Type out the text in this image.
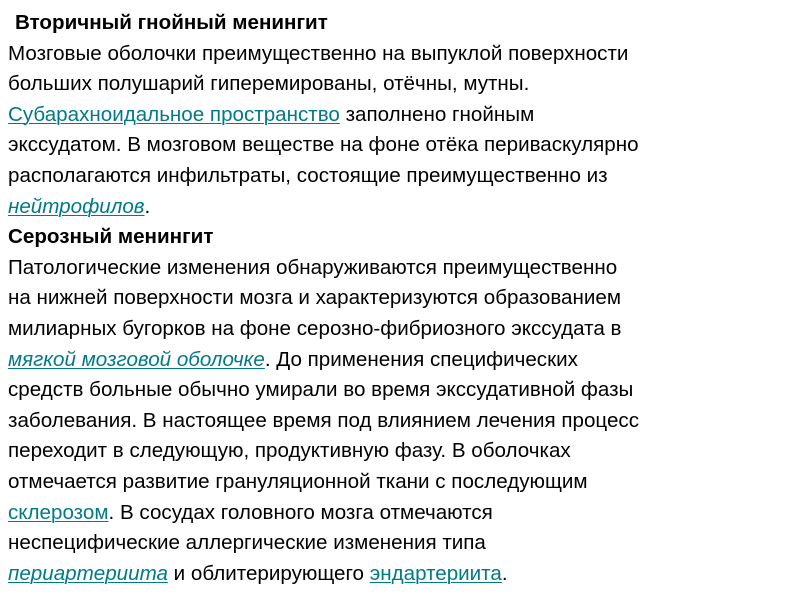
Вторичный гнойный менингит
Мозговые оболочки преимущественно на выпуклой поверхности
больших полушарий гиперемированы, отёчны, мутны.
Субарахноидальное пространство заполнено гнойным
экссудатом. В мозговом веществе на фоне отёка периваскулярно
располагаются инфильтраты, состоящие преимущественно из
нейтрофилов.
Серозный менингит
Патологические изменения обнаруживаются преимущественно
на нижней поверхности мозга и характеризуются образованием
милиарных бугорков на фоне серозно-фибриозного экссудата в
мягкой мозговой оболочке. До применения специфических
средств больные обычно умирали во время экссудативной фазы
заболевания. В настоящее время под влиянием лечения процесс
переходит в следующую, продуктивную фазу. В оболочках
отмечается развитие грануляционной ткани с последующим
склерозом. В сосудах головного мозга отмечаются
неспецифические аллергические изменения типа
периартериита и облитерирующего эндартериита.
